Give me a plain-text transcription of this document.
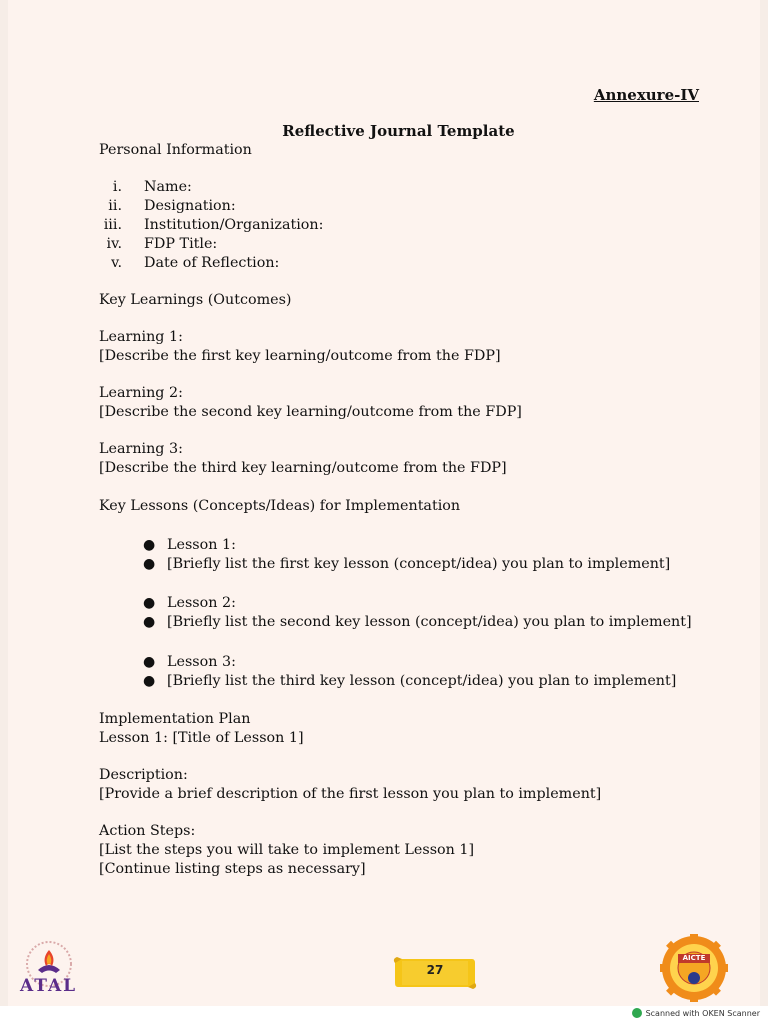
Annexure-IV
Reflective Journal Template
Personal Information
i. Name:
ii. Designation:
iii. Institution/Organization:
iv. FDP Title:
v. Date of Reflection:
Key Learnings (Outcomes)
Learning 1:
[Describe the first key learning/outcome from the FDP]
Learning 2:
[Describe the second key learning/outcome from the FDP]
Learning 3:
[Describe the third key learning/outcome from the FDP]
Key Lessons (Concepts/Ideas) for Implementation
● Lesson 1:
● [Briefly list the first key lesson (concept/idea) you plan to implement]
● Lesson 2:
● [Briefly list the second key lesson (concept/idea) you plan to implement]
● Lesson 3:
● [Briefly list the third key lesson (concept/idea) you plan to implement]
Implementation Plan
Lesson 1: [Title of Lesson 1]
Description:
[Provide a brief description of the first lesson you plan to implement]
Action Steps:
[List the steps you will take to implement Lesson 1]
[Continue listing steps as necessary]
ATAL
27
AICTE
Scanned with OKEN Scanner
